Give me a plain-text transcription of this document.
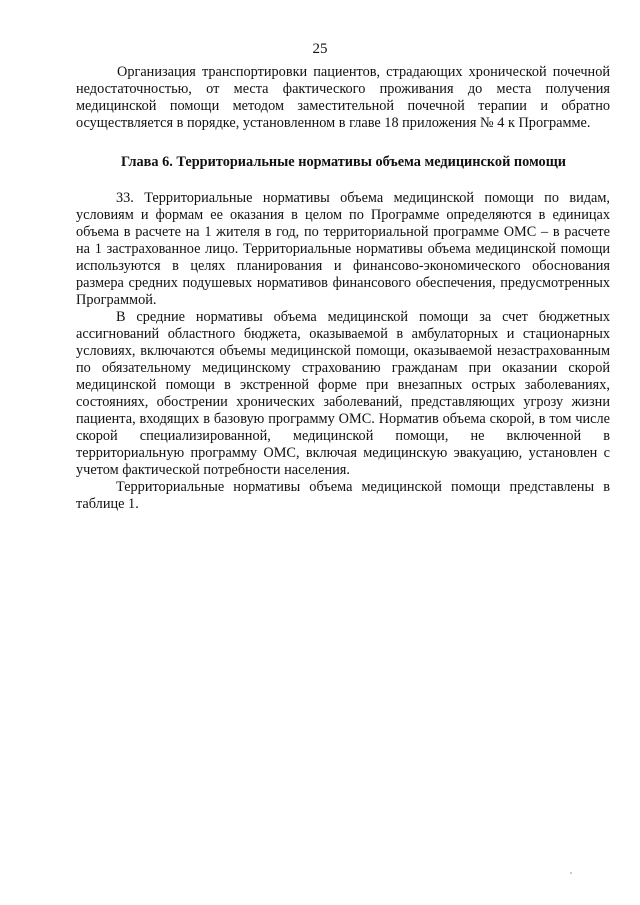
25

Организация транспортировки пациентов, страдающих хронической почечной недостаточностью, от места фактического проживания до места получения медицинской помощи методом заместительной почечной терапии и обратно осуществляется в порядке, установленном в главе 18 приложения № 4 к Программе.

Глава 6. Территориальные нормативы объема медицинской помощи

33. Территориальные нормативы объема медицинской помощи по видам, условиям и формам ее оказания в целом по Программе определяются в единицах объема в расчете на 1 жителя в год, по территориальной программе ОМС – в расчете на 1 застрахованное лицо. Территориальные нормативы объема медицинской помощи используются в целях планирования и финансово-экономического обоснования размера средних подушевых нормативов финансового обеспечения, предусмотренных Программой.

В средние нормативы объема медицинской помощи за счет бюджетных ассигнований областного бюджета, оказываемой в амбулаторных и стационарных условиях, включаются объемы медицинской помощи, оказываемой незастрахованным по обязательному медицинскому страхованию гражданам при оказании скорой медицинской помощи в экстренной форме при внезапных острых заболеваниях, состояниях, обострении хронических заболеваний, представляющих угрозу жизни пациента, входящих в базовую программу ОМС. Норматив объема скорой, в том числе скорой специализированной, медицинской помощи, не включенной в территориальную программу ОМС, включая медицинскую эвакуацию, установлен с учетом фактической потребности населения.

Территориальные нормативы объема медицинской помощи представлены в таблице 1.
